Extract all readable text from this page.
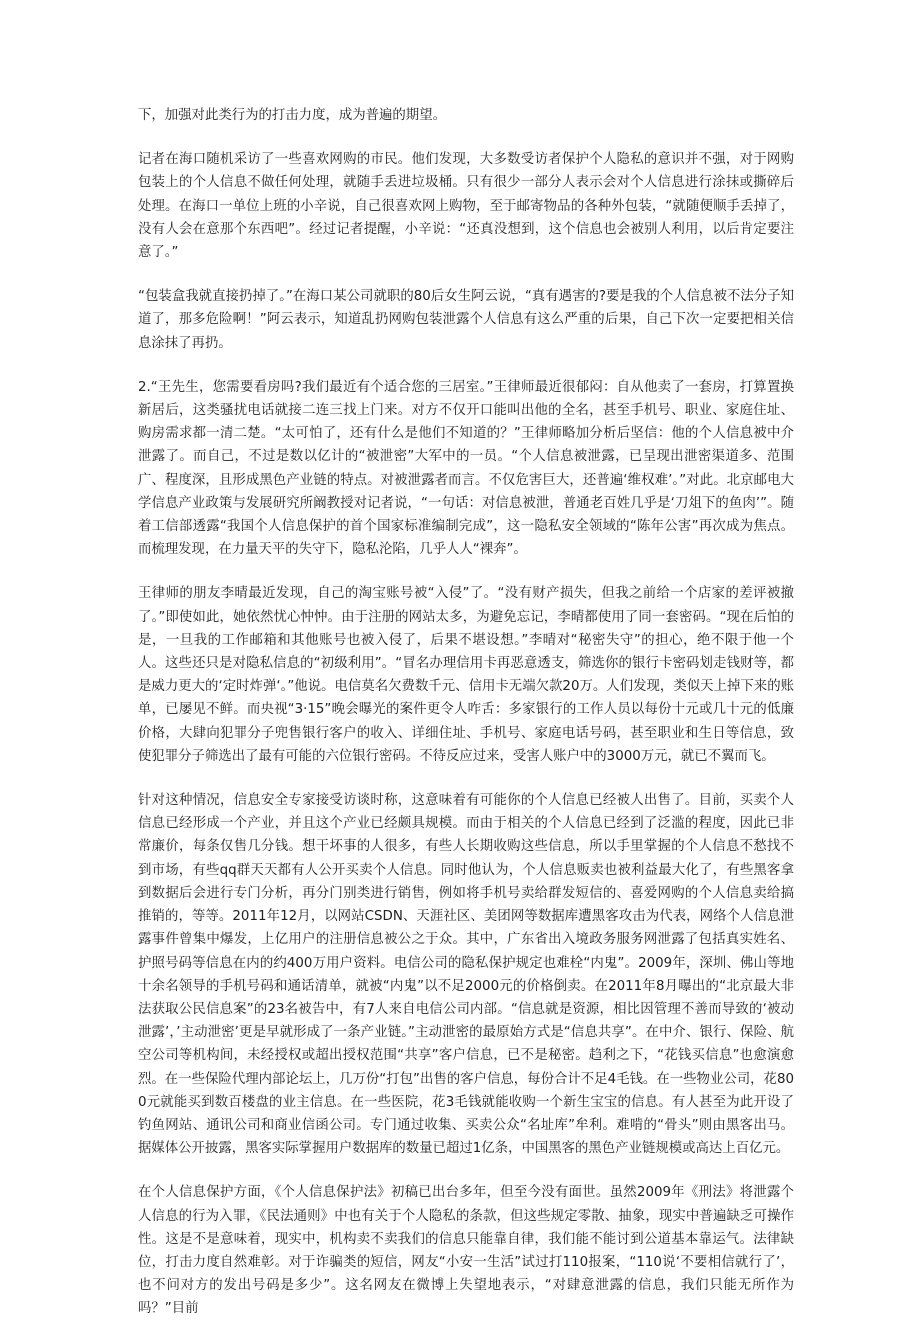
下，加强对此类行为的打击力度，成为普遍的期望。

记者在海口随机采访了一些喜欢网购的市民。他们发现，大多数受访者保护个人隐私的意识并不强，对于网购包装上的个人信息不做任何处理，就随手丢进垃圾桶。只有很少一部分人表示会对个人信息进行涂抹或撕碎后处理。在海口一单位上班的小辛说，自己很喜欢网上购物，至于邮寄物品的各种外包装，“就随便顺手丢掉了，没有人会在意那个东西吧”。经过记者提醒，小辛说：“还真没想到，这个信息也会被别人利用，以后肯定要注意了。”

“包装盒我就直接扔掉了。”在海口某公司就职的80后女生阿云说，“真有遇害的?要是我的个人信息被不法分子知道了，那多危险啊！”阿云表示，知道乱扔网购包装泄露个人信息有这么严重的后果，自己下次一定要把相关信息涂抹了再扔。

2.“王先生，您需要看房吗?我们最近有个适合您的三居室。”王律师最近很郁闷：自从他卖了一套房，打算置换新居后，这类骚扰电话就接二连三找上门来。对方不仅开口能叫出他的全名，甚至手机号、职业、家庭住址、购房需求都一清二楚。“太可怕了，还有什么是他们不知道的？”王律师略加分析后坚信：他的个人信息被中介泄露了。而自己，不过是数以亿计的“被泄密”大军中的一员。“个人信息被泄露，已呈现出泄密渠道多、范围广、程度深，且形成黑色产业链的特点。对被泄露者而言。不仅危害巨大，还普遍‘维权难’。”对此。北京邮电大学信息产业政策与发展研究所阚教授对记者说，“一句话：对信息被泄，普通老百姓几乎是‘刀俎下的鱼肉’”。随着工信部透露“我国个人信息保护的首个国家标准编制完成”，这一隐私安全领域的“陈年公害”再次成为焦点。而梳理发现，在力量天平的失守下，隐私沦陷，几乎人人“裸奔”。

王律师的朋友李晴最近发现，自己的淘宝账号被“入侵”了。“没有财产损失，但我之前给一个店家的差评被撤了。”即使如此，她依然忧心忡忡。由于注册的网站太多，为避免忘记，李晴都使用了同一套密码。“现在后怕的是，一旦我的工作邮箱和其他账号也被入侵了，后果不堪设想。”李晴对“秘密失守”的担心，绝不限于他一个人。这些还只是对隐私信息的“初级利用”。“冒名办理信用卡再恶意透支，筛选你的银行卡密码划走钱财等，都是威力更大的‘定时炸弹‘。”他说。电信莫名欠费数千元、信用卡无端欠款20万。人们发现，类似天上掉下来的账单，已屡见不鲜。而央视“3·15”晚会曝光的案件更令人咋舌：多家银行的工作人员以每份十元或几十元的低廉价格，大肆向犯罪分子兜售银行客户的收入、详细住址、手机号、家庭电话号码，甚至职业和生日等信息，致使犯罪分子筛选出了最有可能的六位银行密码。不待反应过来，受害人账户中的3000万元，就已不翼而飞。

针对这种情况，信息安全专家接受访谈时称，这意味着有可能你的个人信息已经被人出售了。目前，买卖个人信息已经形成一个产业，并且这个产业已经颇具规模。而由于相关的个人信息已经到了泛滥的程度，因此已非常廉价，每条仅售几分钱。想干坏事的人很多，有些人长期收购这些信息，所以手里掌握的个人信息不愁找不到市场，有些qq群天天都有人公开买卖个人信息。同时他认为，个人信息贩卖也被利益最大化了，有些黑客拿到数据后会进行专门分析，再分门别类进行销售，例如将手机号卖给群发短信的、喜爱网购的个人信息卖给搞推销的，等等。2011年12月，以网站CSDN、天涯社区、美团网等数据库遭黑客攻击为代表，网络个人信息泄露事件曾集中爆发，上亿用户的注册信息被公之于众。其中，广东省出入境政务服务网泄露了包括真实姓名、护照号码等信息在内的约400万用户资料。电信公司的隐私保护规定也难栓“内鬼”。2009年，深圳、佛山等地十余名领导的手机号码和通话清单，就被“内鬼”以不足2000元的价格倒卖。在2011年8月曝出的“北京最大非法获取公民信息案”的23名被告中，有7人来自电信公司内部。“信息就是资源，相比因管理不善而导致的‘被动泄露’，’主动泄密’更是早就形成了一条产业链。”主动泄密的最原始方式是“信息共享”。在中介、银行、保险、航空公司等机构间，未经授权或超出授权范围“共享”客户信息，已不是秘密。趋利之下，“花钱买信息”也愈演愈烈。在一些保险代理内部论坛上，几万份“打包”出售的客户信息，每份合计不足4毛钱。在一些物业公司，花800元就能买到数百楼盘的业主信息。在一些医院，花3毛钱就能收购一个新生宝宝的信息。有人甚至为此开设了钓鱼网站、通讯公司和商业信函公司。专门通过收集、买卖公众“名址库”牟利。难啃的“骨头”则由黑客出马。据媒体公开披露，黑客实际掌握用户数据库的数量已超过1亿条，中国黑客的黑色产业链规模或高达上百亿元。

在个人信息保护方面，《个人信息保护法》初稿已出台多年，但至今没有面世。虽然2009年《刑法》将泄露个人信息的行为入罪，《民法通则》中也有关于个人隐私的条款，但这些规定零散、抽象，现实中普遍缺乏可操作性。这是不是意味着，现实中，机构卖不卖我们的信息只能靠自律，我们能不能讨到公道基本靠运气。法律缺位，打击力度自然难彰。对于诈骗类的短信，网友“小安一生活”试过打110报案，“110说‘不要相信就行了’，也不问对方的发出号码是多少”。这名网友在微博上失望地表示，“对肆意泄露的信息，我们只能无所作为吗？”目前
